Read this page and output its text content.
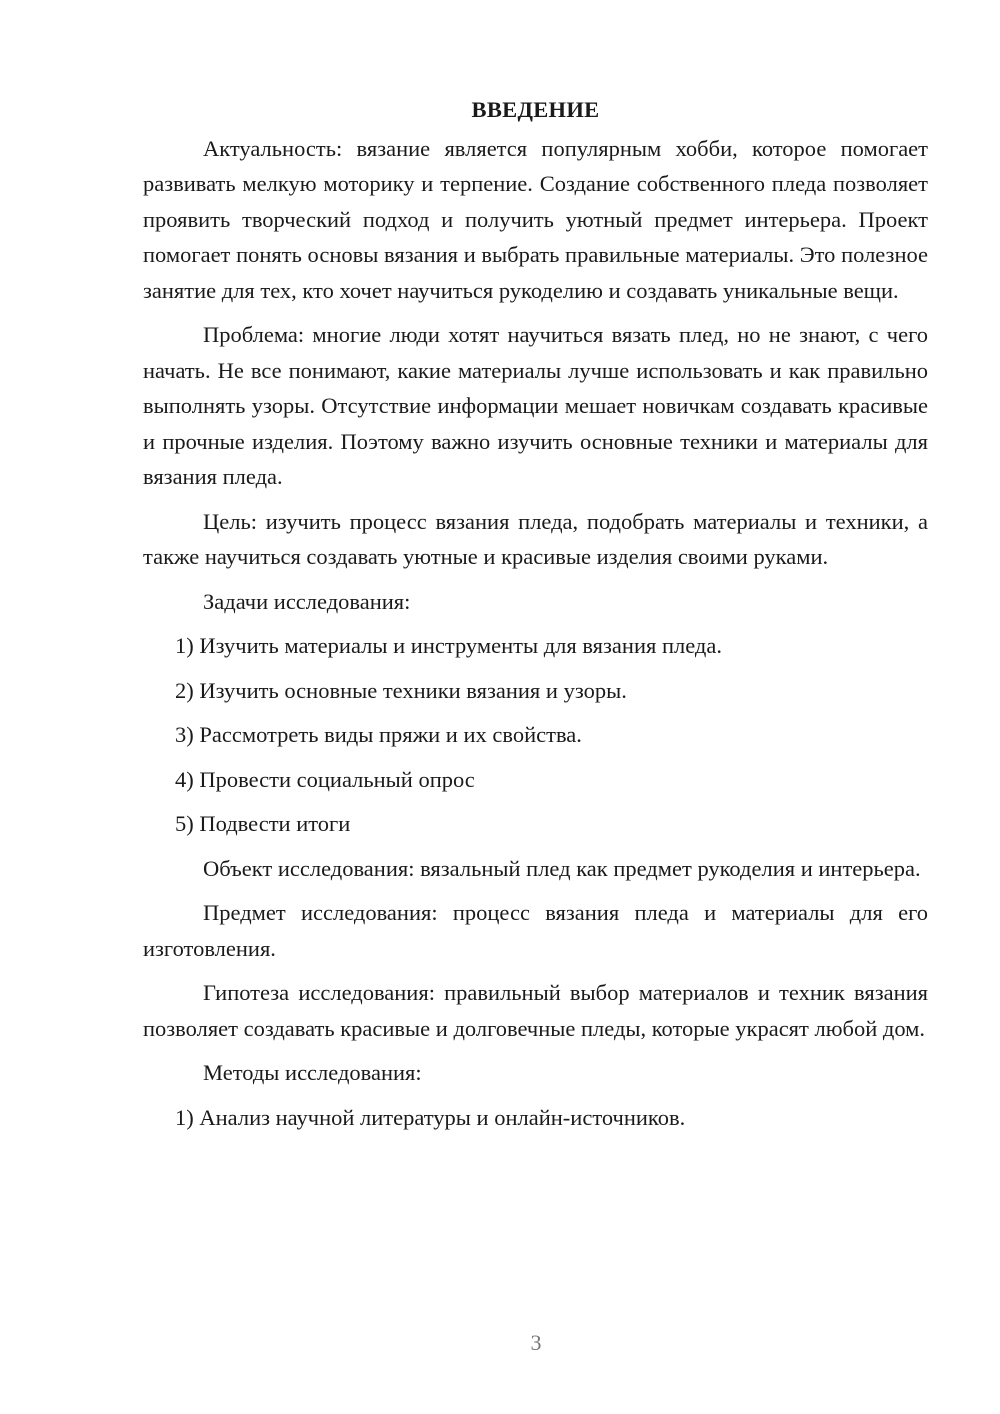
ВВЕДЕНИЕ

Актуальность: вязание является популярным хобби, которое помогает развивать мелкую моторику и терпение. Создание собственного пледа позволяет проявить творческий подход и получить уютный предмет интерьера. Проект помогает понять основы вязания и выбрать правильные материалы. Это полезное занятие для тех, кто хочет научиться рукоделию и создавать уникальные вещи.

Проблема: многие люди хотят научиться вязать плед, но не знают, с чего начать. Не все понимают, какие материалы лучше использовать и как правильно выполнять узоры. Отсутствие информации мешает новичкам создавать красивые и прочные изделия. Поэтому важно изучить основные техники и материалы для вязания пледа.

Цель: изучить процесс вязания пледа, подобрать материалы и техники, а также научиться создавать уютные и красивые изделия своими руками.

Задачи исследования:

1) Изучить материалы и инструменты для вязания пледа.
2) Изучить основные техники вязания и узоры.
3) Рассмотреть виды пряжи и их свойства.
4) Провести социальный опрос
5) Подвести итоги

Объект исследования: вязальный плед как предмет рукоделия и интерьера.

Предмет исследования: процесс вязания пледа и материалы для его изготовления.

Гипотеза исследования: правильный выбор материалов и техник вязания позволяет создавать красивые и долговечные пледы, которые украсят любой дом.

Методы исследования:

1) Анализ научной литературы и онлайн-источников.
3
